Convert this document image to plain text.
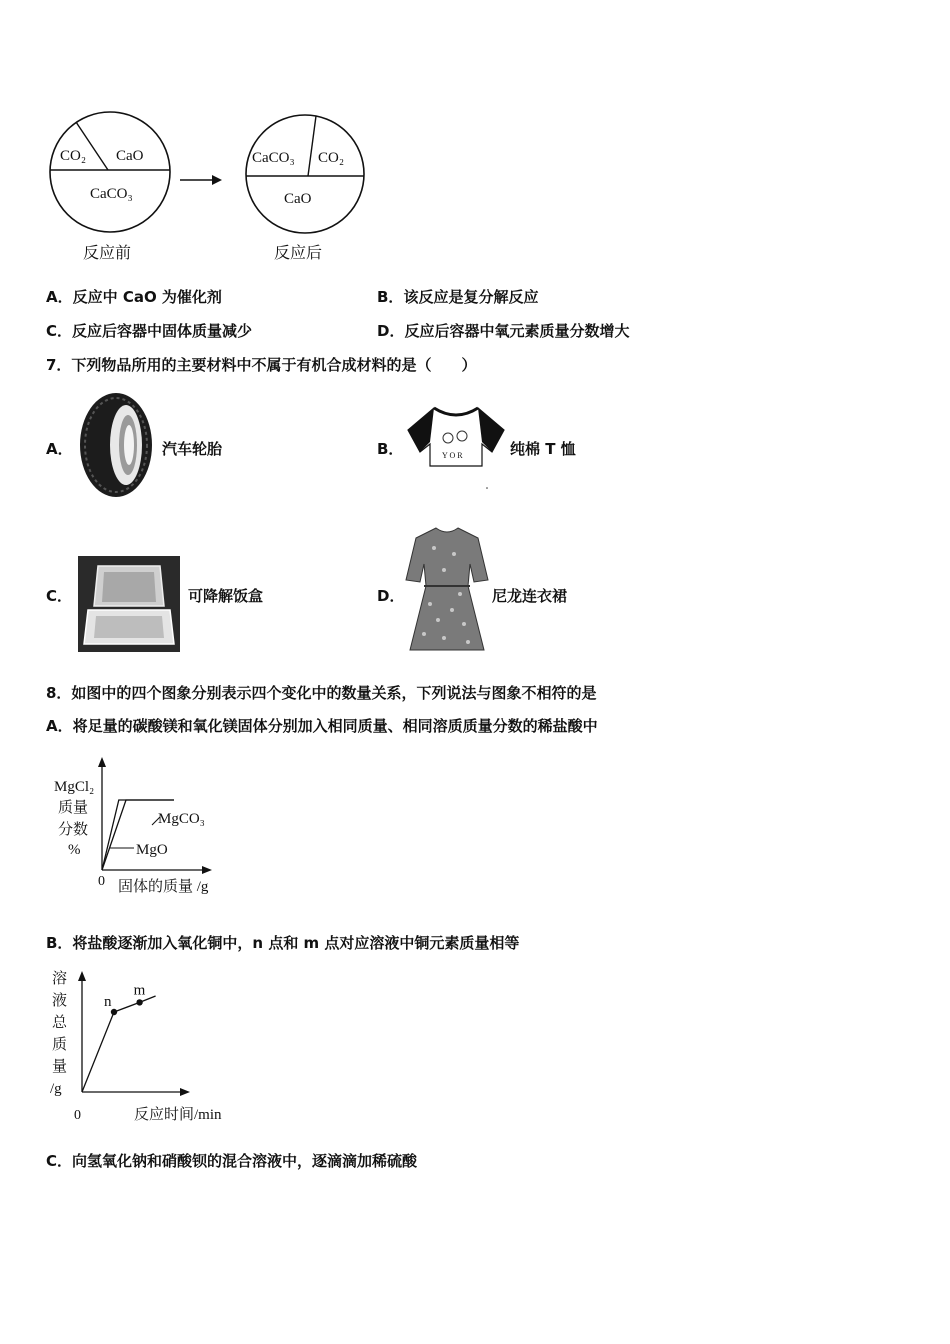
CO₂ CaO
CaCO₃
CaCO₃ CO₂
CaO
反应前	反应后
A．反应中 CaO 为催化剂	B．该反应是复分解反应
C．反应后容器中固体质量减少	D．反应后容器中氧元素质量分数增大
7．下列物品所用的主要材料中不属于有机合成材料的是（　　）
A．	汽车轮胎	B．	Y O R	纯棉 T 恤
C．	可降解饭盒	D．	尼龙连衣裙
8．如图中的四个图象分别表示四个变化中的数量关系，下列说法与图象不相符的是
A．将足量的碳酸镁和氧化镁固体分别加入相同质量、相同溶质质量分数的稀盐酸中
MgCl₂
质量
分数
%
0 固体的质量 /g
MgCO₃
MgO
B．将盐酸逐渐加入氧化铜中，n 点和 m 点对应溶液中铜元素质量相等
溶
液
总
质
量
/g
0	反应时间/min
n
m
C．向氢氧化钠和硝酸钡的混合溶液中，逐滴滴加稀硫酸
